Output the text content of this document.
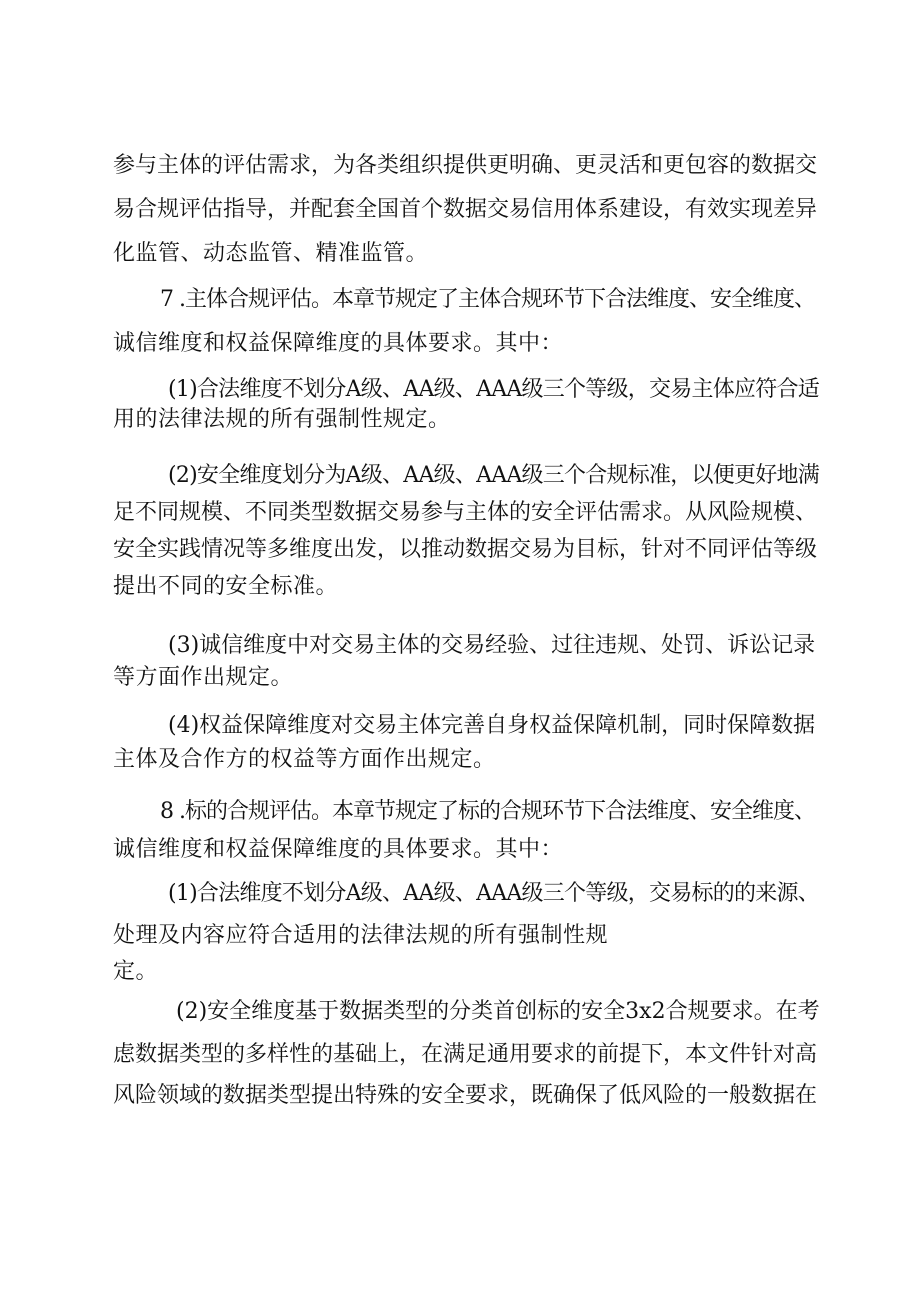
参与主体的评估需求，为各类组织提供更明确、更灵活和更包容的数据交
易合规评估指导，并配套全国首个数据交易信用体系建设，有效实现差异
化监管、动态监管、精准监管。
7 .主体合规评估。本章节规定了主体合规环节下合法维度、安全维度、
诚信维度和权益保障维度的具体要求。其中：
(1)合法维度不划分A级、AA级、AAA级三个等级，交易主体应符合适
用的法律法规的所有强制性规定。
(2)安全维度划分为A级、AA级、AAA级三个合规标准，以便更好地满
足不同规模、不同类型数据交易参与主体的安全评估需求。从风险规模、
安全实践情况等多维度出发，以推动数据交易为目标，针对不同评估等级
提出不同的安全标准。
(3)诚信维度中对交易主体的交易经验、过往违规、处罚、诉讼记录
等方面作出规定。
(4)权益保障维度对交易主体完善自身权益保障机制，同时保障数据
主体及合作方的权益等方面作出规定。
8 .标的合规评估。本章节规定了标的合规环节下合法维度、安全维度、
诚信维度和权益保障维度的具体要求。其中：
(1)合法维度不划分A级、AA级、AAA级三个等级，交易标的的来源、
处理及内容应符合适用的法律法规的所有强制性规
定。
(2)安全维度基于数据类型的分类首创标的安全3x2合规要求。在考
虑数据类型的多样性的基础上，在满足通用要求的前提下，本文件针对高
风险领域的数据类型提出特殊的安全要求，既确保了低风险的一般数据在
